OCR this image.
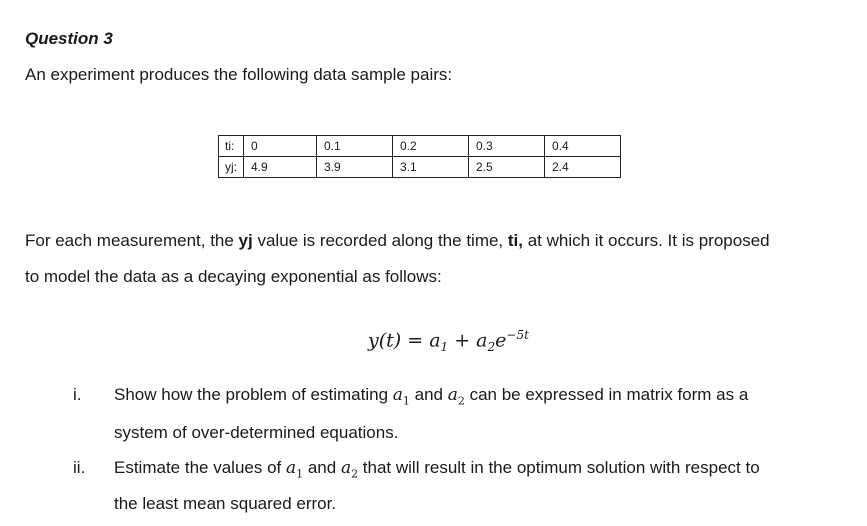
Question 3
An experiment produces the following data sample pairs:
ti:	0	0.1	0.2	0.3	0.4
yj:	4.9	3.9	3.1	2.5	2.4
For each measurement, the yj value is recorded along the time, ti, at which it occurs. It is proposed
to model the data as a decaying exponential as follows:
$y(t) = a_1 + a_2e^{-5t}$
i. Show how the problem of estimating $a_1$ and $a_2$ can be expressed in matrix form as a
system of over-determined equations.
ii. Estimate the values of $a_1$ and $a_2$ that will result in the optimum solution with respect to
the least mean squared error.
